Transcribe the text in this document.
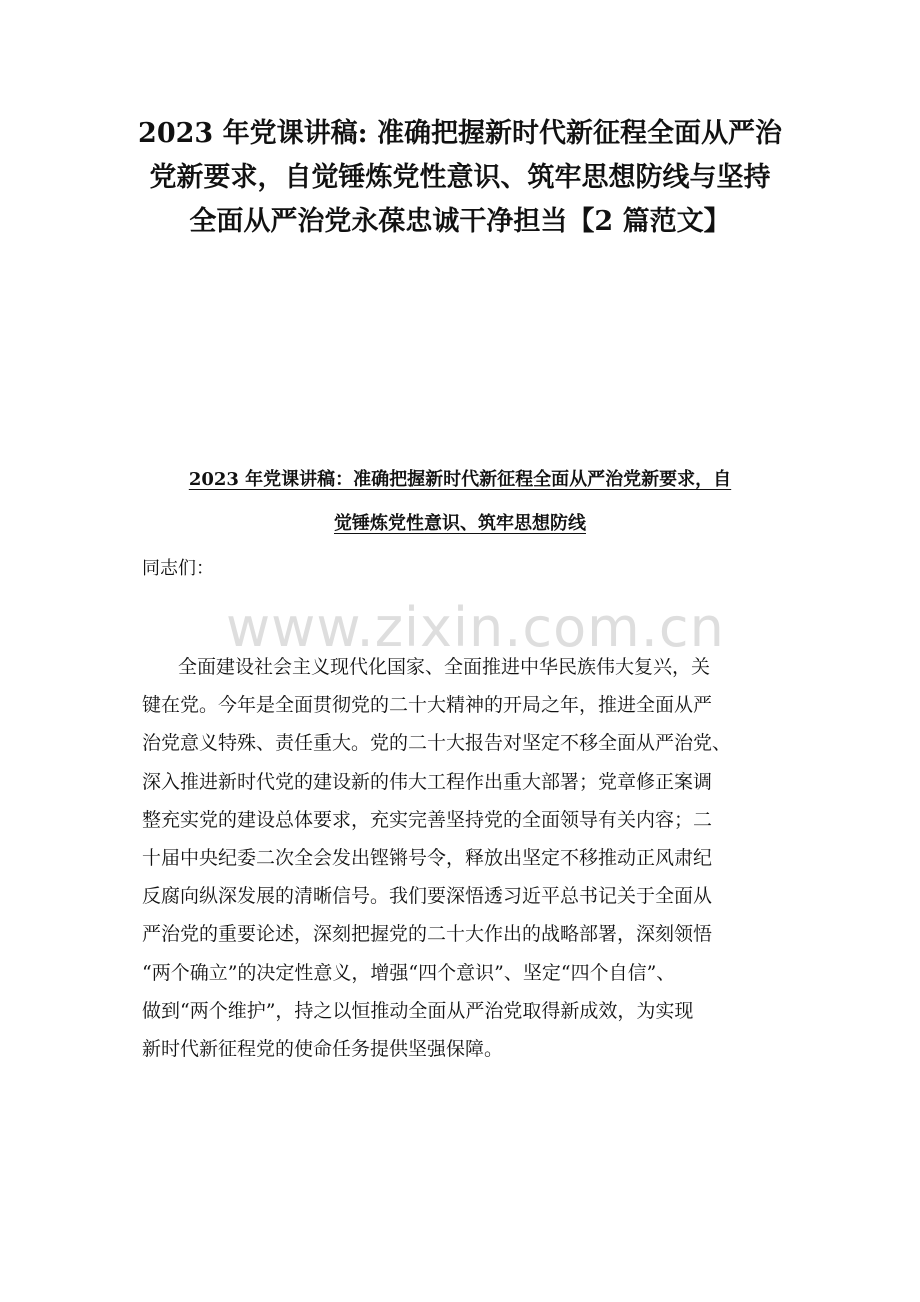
2023 年党课讲稿: 准确把握新时代新征程全面从严治
党新要求，自觉锤炼党性意识、筑牢思想防线与坚持
全面从严治党永葆忠诚干净担当【2 篇范文】
2023 年党课讲稿：准确把握新时代新征程全面从严治党新要求，自
觉锤炼党性意识、筑牢思想防线

同志们：

www.zixin.com.cn
全面建设社会主义现代化国家、全面推进中华民族伟大复兴，关
键在党。今年是全面贯彻党的二十大精神的开局之年，推进全面从严
治党意义特殊、责任重大。党的二十大报告对坚定不移全面从严治党、
深入推进新时代党的建设新的伟大工程作出重大部署；党章修正案调
整充实党的建设总体要求，充实完善坚持党的全面领导有关内容；二
十届中央纪委二次全会发出铿锵号令，释放出坚定不移推动正风肃纪
反腐向纵深发展的清晰信号。我们要深悟透习近平总书记关于全面从
严治党的重要论述，深刻把握党的二十大作出的战略部署，深刻领悟
“两个确立”的决定性意义，增强“四个意识”、坚定“四个自信”、
做到“两个维护”，持之以恒推动全面从严治党取得新成效，为实现
新时代新征程党的使命任务提供坚强保障。
